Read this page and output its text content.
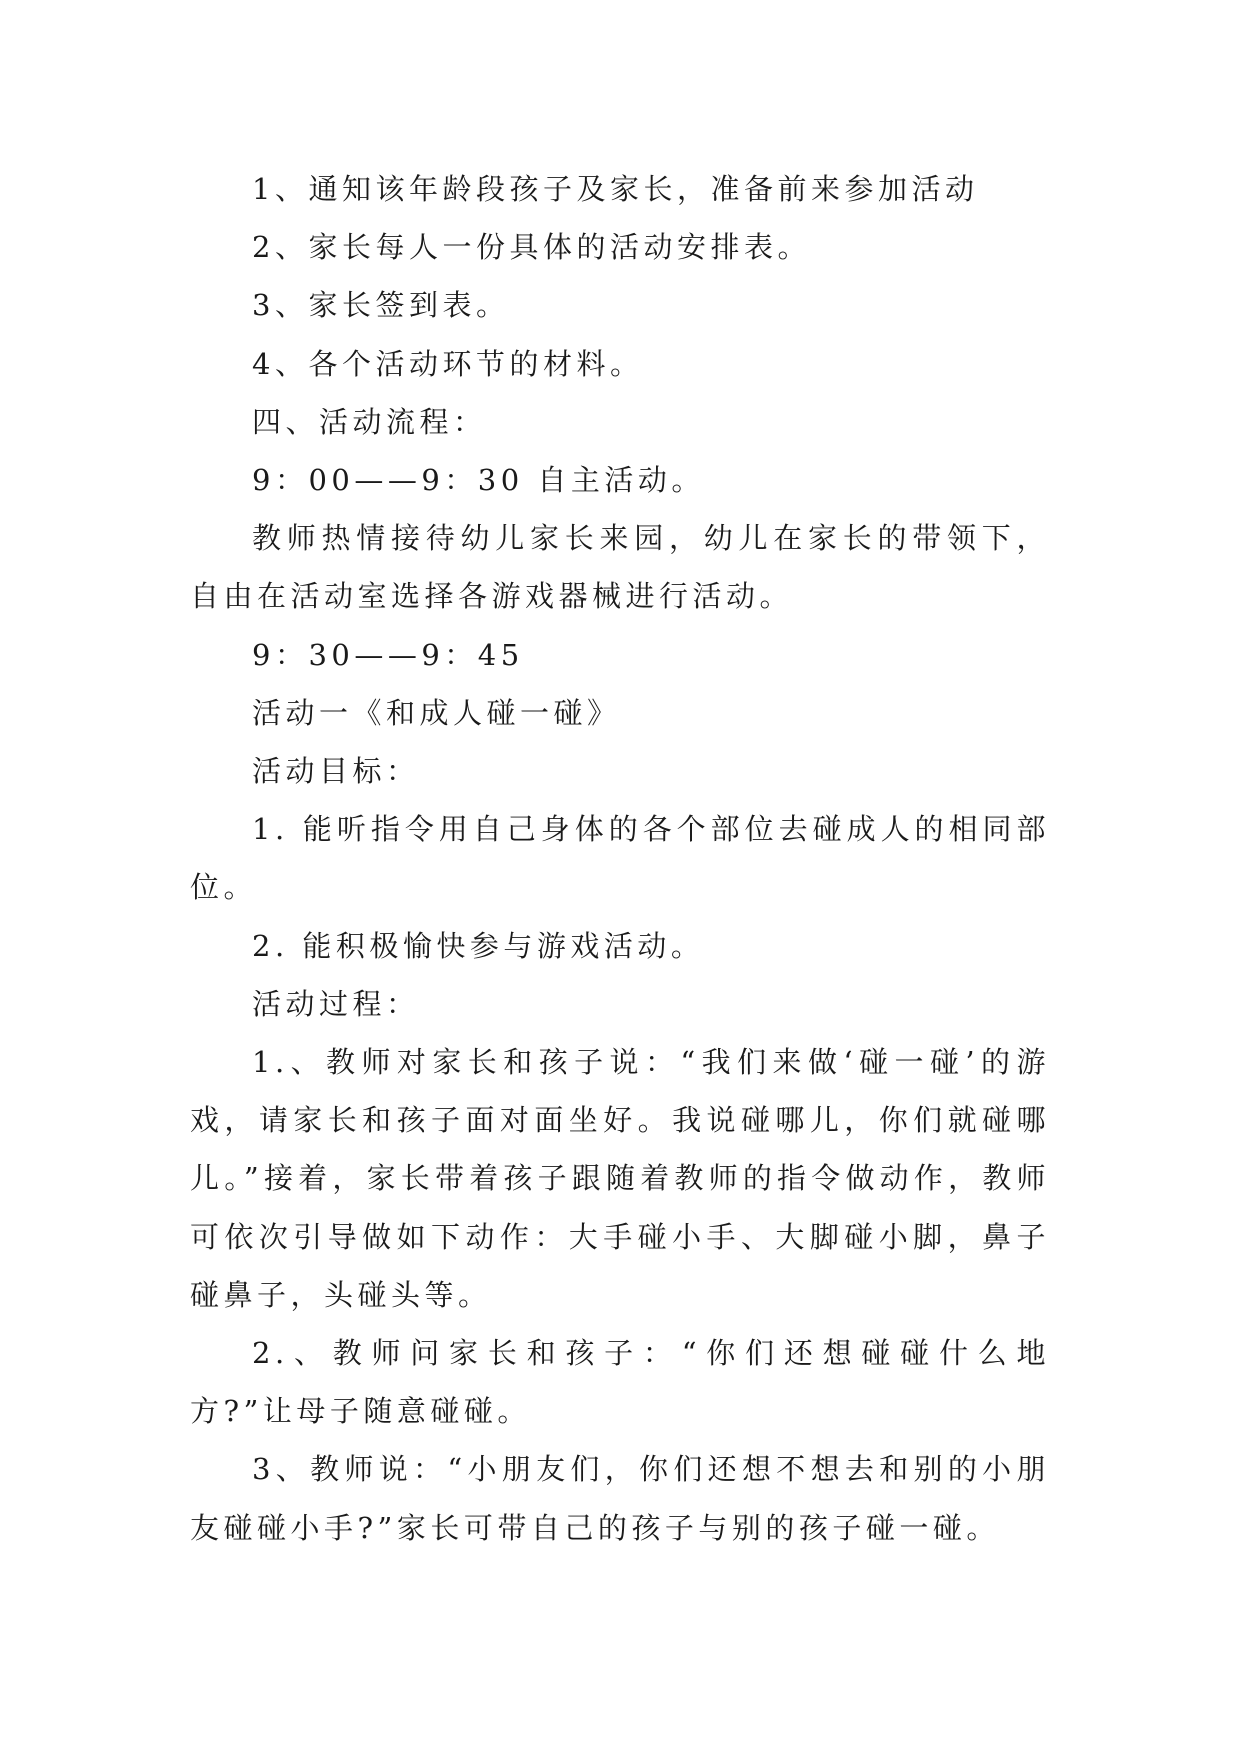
1、通知该年龄段孩子及家长，准备前来参加活动

2、家长每人一份具体的活动安排表。

3、家长签到表。

4、各个活动环节的材料。

四、活动流程：

9：00——9：30 自主活动。

教师热情接待幼儿家长来园，幼儿在家长的带领下，自由在活动室选择各游戏器械进行活动。

9：30——9：45

活动一《和成人碰一碰》

活动目标：

1. 能听指令用自己身体的各个部位去碰成人的相同部位。

2. 能积极愉快参与游戏活动。

活动过程：

1.、教师对家长和孩子说：“我们来做‘碰一碰’的游戏，请家长和孩子面对面坐好。我说碰哪儿，你们就碰哪儿。”接着，家长带着孩子跟随着教师的指令做动作，教师可依次引导做如下动作：大手碰小手、大脚碰小脚，鼻子碰鼻子，头碰头等。

2.、教师问家长和孩子：“你们还想碰碰什么地方?”让母子随意碰碰。

3、教师说：“小朋友们，你们还想不想去和别的小朋友碰碰小手?”家长可带自己的孩子与别的孩子碰一碰。
